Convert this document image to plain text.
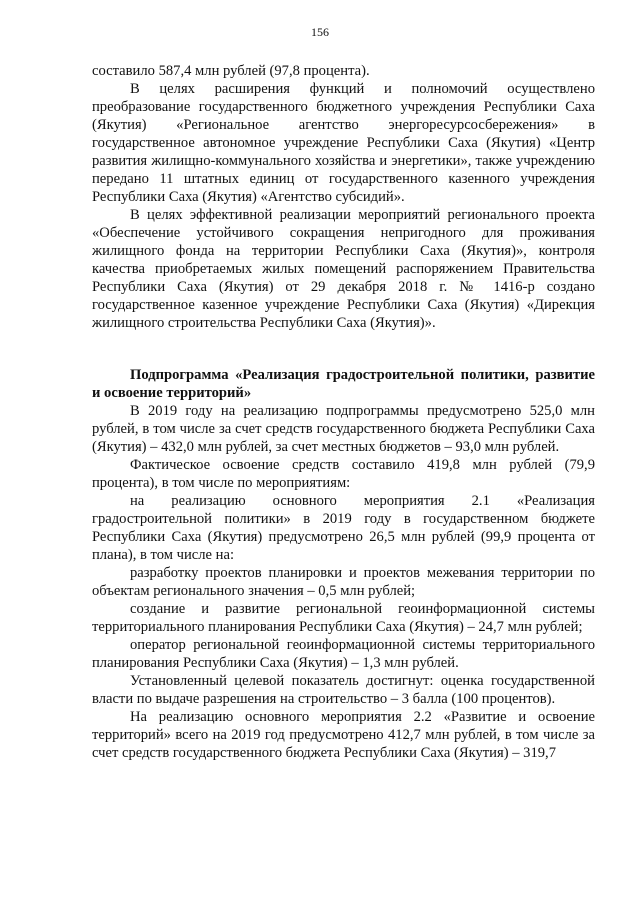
156

составило 587,4 млн рублей (97,8 процента).

В целях расширения функций и полномочий осуществлено преобразование государственного бюджетного учреждения Республики Саха (Якутия) «Региональное агентство энергоресурсосбережения» в государственное автономное учреждение Республики Саха (Якутия) «Центр развития жилищно-коммунального хозяйства и энергетики», также учреждению передано 11 штатных единиц от государственного казенного учреждения Республики Саха (Якутия) «Агентство субсидий».

В целях эффективной реализации мероприятий регионального проекта «Обеспечение устойчивого сокращения непригодного для проживания жилищного фонда на территории Республики Саха (Якутия)», контроля качества приобретаемых жилых помещений распоряжением Правительства Республики Саха (Якутия) от 29 декабря 2018 г. № 1416-р создано государственное казенное учреждение Республики Саха (Якутия) «Дирекция жилищного строительства Республики Саха (Якутия)».

Подпрограмма «Реализация градостроительной политики, развитие и освоение территорий»

В 2019 году на реализацию подпрограммы предусмотрено 525,0 млн рублей, в том числе за счет средств государственного бюджета Республики Саха (Якутия) – 432,0 млн рублей, за счет местных бюджетов – 93,0 млн рублей.

Фактическое освоение средств составило 419,8 млн рублей (79,9 процента), в том числе по мероприятиям:

на реализацию основного мероприятия 2.1 «Реализация градостроительной политики» в 2019 году в государственном бюджете Республики Саха (Якутия) предусмотрено 26,5 млн рублей (99,9 процента от плана), в том числе на:

разработку проектов планировки и проектов межевания территории по объектам регионального значения – 0,5 млн рублей;

создание и развитие региональной геоинформационной системы территориального планирования Республики Саха (Якутия) – 24,7 млн рублей;

оператор региональной геоинформационной системы территориального планирования Республики Саха (Якутия) – 1,3 млн рублей.

Установленный целевой показатель достигнут: оценка государственной власти по выдаче разрешения на строительство – 3 балла (100 процентов).

На реализацию основного мероприятия 2.2 «Развитие и освоение территорий» всего на 2019 год предусмотрено 412,7 млн рублей, в том числе за счет средств государственного бюджета Республики Саха (Якутия) – 319,7
